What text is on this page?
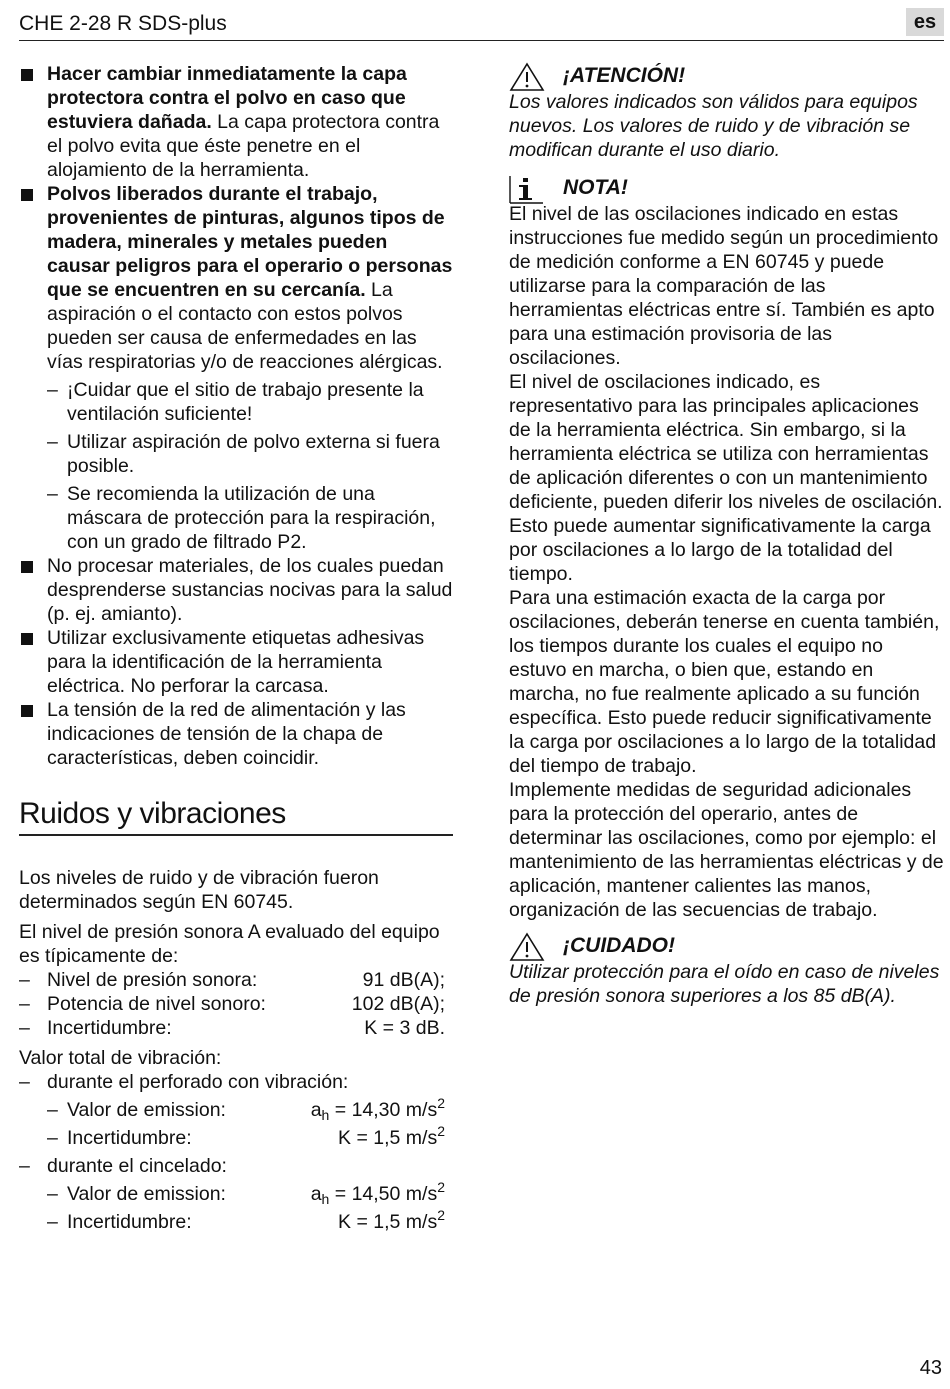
CHE 2-28 R SDS-plus	es
Hacer cambiar inmediatamente la capa protectora contra el polvo en caso que estuviera dañada. La capa protectora contra el polvo evita que éste penetre en el alojamiento de la herramienta.
Polvos liberados durante el trabajo, provenientes de pinturas, algunos tipos de madera, minerales y metales pueden causar peligros para el operario o personas que se encuentren en su cercanía. La aspiración o el contacto con estos polvos pueden ser causa de enfermedades en las vías respiratorias y/o de reacciones alérgicas.
– ¡Cuidar que el sitio de trabajo presente la ventilación suficiente!
– Utilizar aspiración de polvo externa si fuera posible.
– Se recomienda la utilización de una máscara de protección para la respiración, con un grado de filtrado P2.
No procesar materiales, de los cuales puedan desprenderse sustancias nocivas para la salud (p. ej. amianto).
Utilizar exclusivamente etiquetas adhesivas para la identificación de la herramienta eléctrica. No perforar la carcasa.
La tensión de la red de alimentación y las indicaciones de tensión de la chapa de características, deben coincidir.
Ruidos y vibraciones
Los niveles de ruido y de vibración fueron determinados según EN 60745.
El nivel de presión sonora A evaluado del equipo es típicamente de:
– Nivel de presión sonora:	91 dB(A);
– Potencia de nivel sonoro:	102 dB(A);
– Incertidumbre:	K = 3 dB.
Valor total de vibración:
– durante el perforado con vibración:
– Valor de emission:	$a_h = 14,30$ $m/s^2$
– Incertidumbre:	K = 1,5 $m/s^2$
– durante el cincelado:
– Valor de emission:	$a_h = 14,50$ $m/s^2$
– Incertidumbre:	K = 1,5 $m/s^2$
¡ATENCIÓN!
Los valores indicados son válidos para equipos nuevos. Los valores de ruido y de vibración se modifican durante el uso diario.
NOTA!
El nivel de las oscilaciones indicado en estas instrucciones fue medido según un procedimiento de medición conforme a EN 60745 y puede utilizarse para la comparación de las herramientas eléctricas entre sí. También es apto para una estimación provisoria de las oscilaciones.
El nivel de oscilaciones indicado, es representativo para las principales aplicaciones de la herramienta eléctrica. Sin embargo, si la herramienta eléctrica se utiliza con herramientas de aplicación diferentes o con un mantenimiento deficiente, pueden diferir los niveles de oscilación. Esto puede aumentar significativamente la carga por oscilaciones a lo largo de la totalidad del tiempo.
Para una estimación exacta de la carga por oscilaciones, deberán tenerse en cuenta también, los tiempos durante los cuales el equipo no estuvo en marcha, o bien que, estando en marcha, no fue realmente aplicado a su función específica. Esto puede reducir significativamente la carga por oscilaciones a lo largo de la totalidad del tiempo de trabajo.
Implemente medidas de seguridad adicionales para la protección del operario, antes de determinar las oscilaciones, como por ejemplo: el mantenimiento de las herramientas eléctricas y de aplicación, mantener calientes las manos, organización de las secuencias de trabajo.
¡CUIDADO!
Utilizar protección para el oído en caso de niveles de presión sonora superiores a los 85 dB(A).
43
